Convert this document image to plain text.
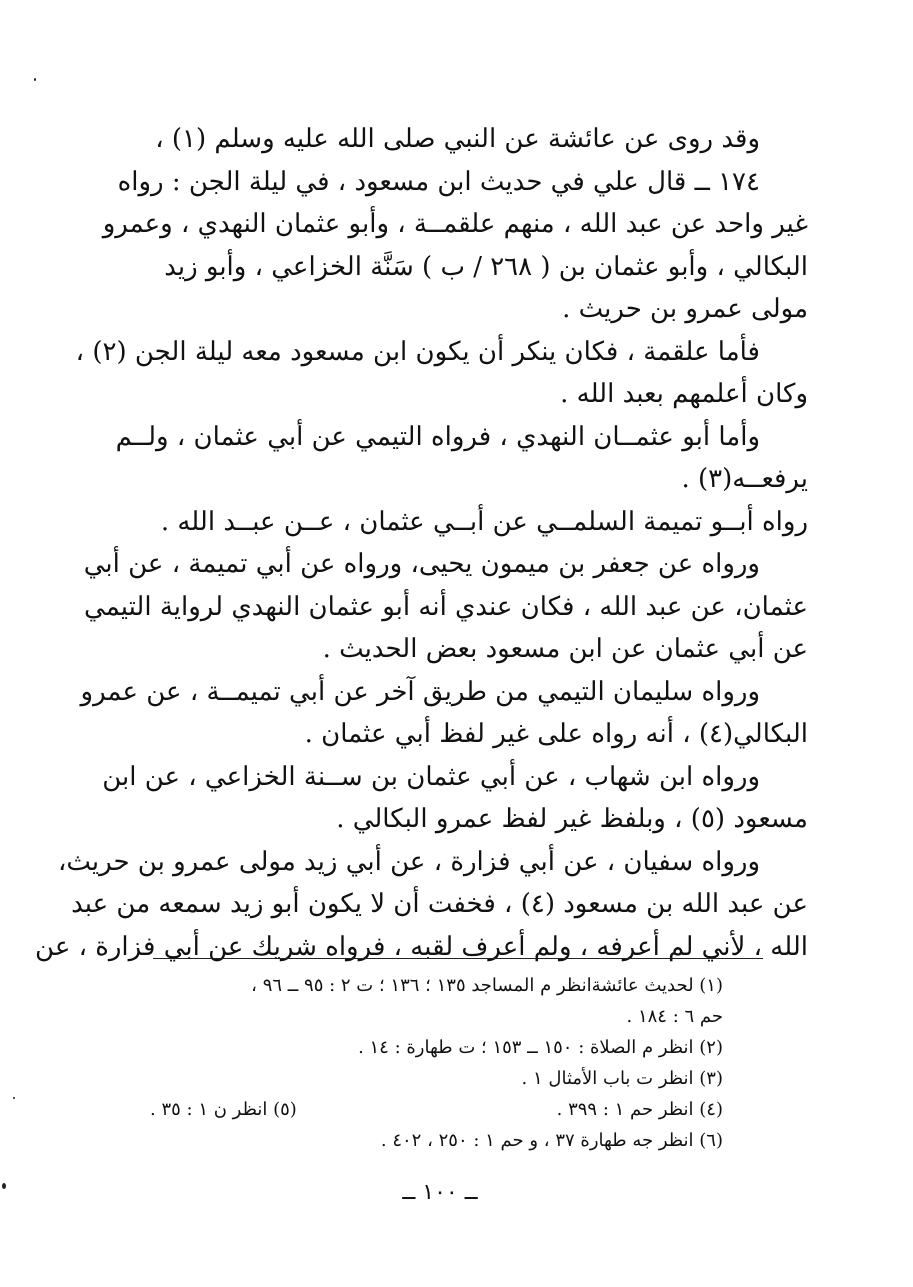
وقد روى عن عائشة عن النبي صلى الله عليه وسلم (١) ،
١٧٤ ــ قال علي في حديث ابن مسعود ، في ليلة الجن : رواه
غير واحد عن عبد الله ، منهم علقمــة ، وأبو عثمان النهدي ، وعمرو
البكالي ، وأبو عثمان بن ( ٢٦٨ / ب ) سَنَّة الخزاعي ، وأبو زيد
مولى عمرو بن حريث .
فأما علقمة ، فكان ينكر أن يكون ابن مسعود معه ليلة الجن (٢) ،
وكان أعلمهم بعبد الله .
وأما أبو عثمــان النهدي ، فرواه التيمي عن أبي عثمان ، ولــم
يرفعــه(٣) .
رواه أبــو تميمة السلمــي عن أبــي عثمان ، عــن عبــد الله .
ورواه عن جعفر بن ميمون يحيى، ورواه عن أبي تميمة ، عن أبي
عثمان، عن عبد الله ، فكان عندي أنه أبو عثمان النهدي لرواية التيمي
عن أبي عثمان عن ابن مسعود بعض الحديث .
ورواه سليمان التيمي من طريق آخر عن أبي تميمــة ، عن عمرو
البكالي(٤) ، أنه رواه على غير لفظ أبي عثمان .
ورواه ابن شهاب ، عن أبي عثمان بن ســنة الخزاعي ، عن ابن
مسعود (٥) ، وبلفظ غير لفظ عمرو البكالي .
ورواه سفيان ، عن أبي فزارة ، عن أبي زيد مولى عمرو بن حريث،
عن عبد الله بن مسعود (٤) ، فخفت أن لا يكون أبو زيد سمعه من عبد
الله ، لأني لم أعرفه ، ولم أعرف لقبه ، فرواه شريك عن أبي فزارة ، عن
(١) لحديث عائشةانظر م المساجد ١٣٥ ؛ ١٣٦ ؛ ت ٢ : ٩٥ ــ ٩٦ ،
حم ٦ : ١٨٤ .
(٢) انظر م الصلاة : ١٥٠ ــ ١٥٣ ؛ ت طهارة : ١٤ .
(٣) انظر ت باب الأمثال ١ .
(٤) انظر حم ١ : ٣٩٩ .
(٥) انظر ن ١ : ٣٥ .
(٦) انظر جه طهارة ٣٧ ، و حم ١ : ٢٥٠ ، ٤٠٢ .
ــ ١٠٠ ــ
